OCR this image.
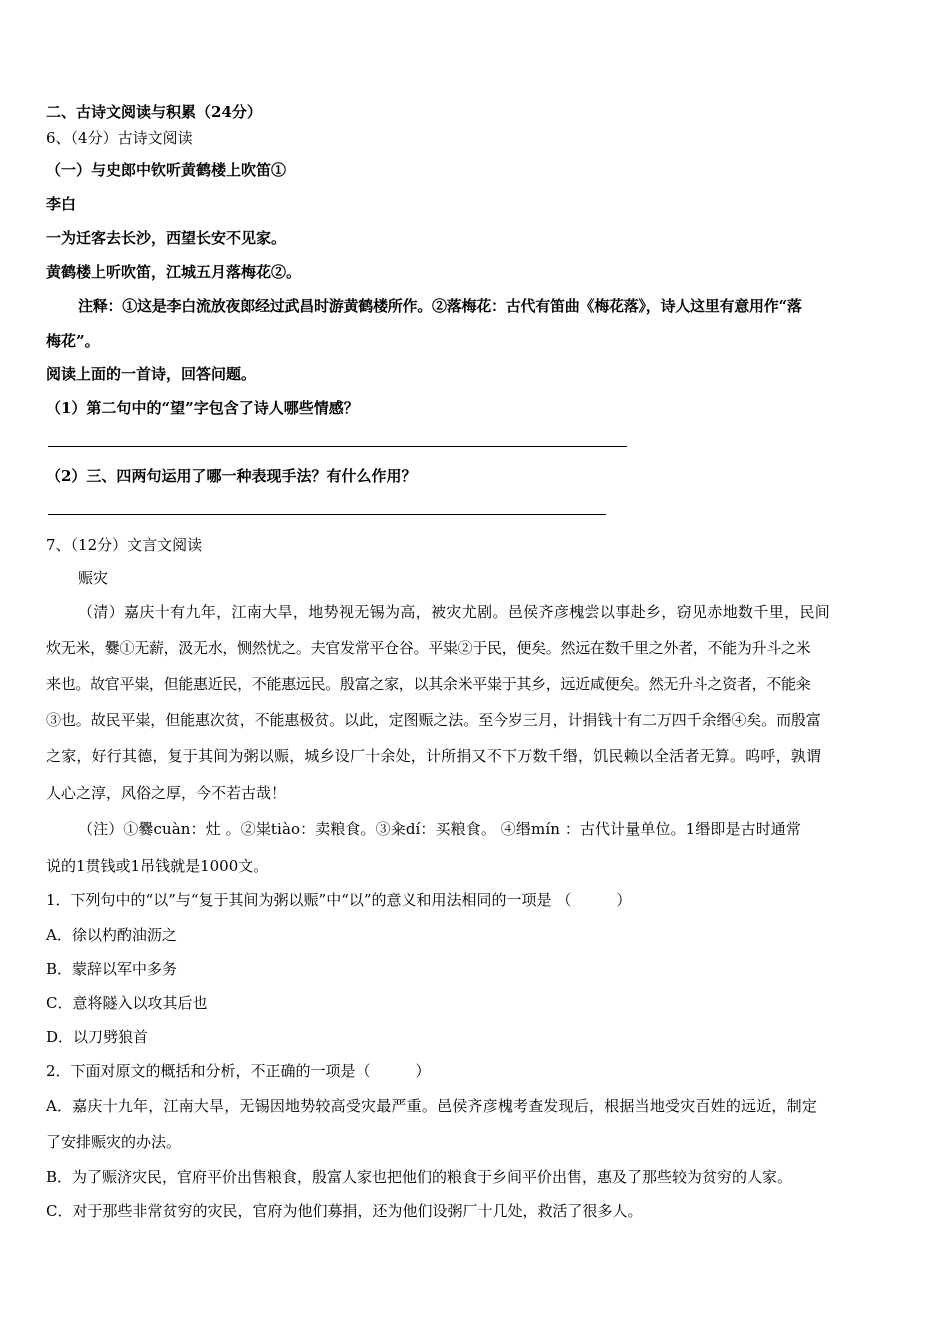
二、古诗文阅读与积累（24分）
6、（4分）古诗文阅读
（一）与史郎中钦听黄鹤楼上吹笛①
李白
一为迁客去长沙，西望长安不见家。
黄鹤楼上听吹笛，江城五月落梅花②。
注释：①这是李白流放夜郎经过武昌时游黄鹤楼所作。②落梅花：古代有笛曲《梅花落》，诗人这里有意用作“落
梅花”。
阅读上面的一首诗，回答问题。
（1）第二句中的“望”字包含了诗人哪些情感？
（2）三、四两句运用了哪一种表现手法？有什么作用？
7、（12分）文言文阅读
赈灾
（清）嘉庆十有九年，江南大旱，地势视无锡为高，被灾尤剧。邑侯齐彦槐尝以事赴乡，窃见赤地数千里，民间
炊无米，爨①无薪，汲无水，恻然忧之。夫官发常平仓谷。平粜②于民，便矣。然远在数千里之外者，不能为升斗之米
来也。故官平粜，但能惠近民，不能惠远民。殷富之家，以其余米平粜于其乡，远近咸便矣。然无升斗之资者，不能籴
③也。故民平粜，但能惠次贫，不能惠极贫。以此，定图赈之法。至今岁三月，计捐钱十有二万四千余缗④矣。而殷富
之家，好行其德，复于其间为粥以赈，城乡设厂十余处，计所捐又不下万数千缗，饥民赖以全活者无算。呜呼，孰谓
人心之淳，风俗之厚，今不若古哉！
（注）①爨cuàn：灶 。②粜tiào：卖粮食。③籴dí：买粮食。 ④缗mín ：古代计量单位。1缗即是古时通常
说的1贯钱或1吊钱就是1000文。
1．下列句中的“以”与“复于其间为粥以赈”中“以”的意义和用法相同的一项是 （　　　）
A．徐以杓酌油沥之
B．蒙辞以军中多务
C．意将隧入以攻其后也
D．以刀劈狼首
2．下面对原文的概括和分析，不正确的一项是（　　　）
A．嘉庆十九年，江南大旱，无锡因地势较高受灾最严重。邑侯齐彦槐考查发现后，根据当地受灾百姓的远近，制定
了安排赈灾的办法。
B．为了赈济灾民，官府平价出售粮食，殷富人家也把他们的粮食于乡间平价出售，惠及了那些较为贫穷的人家。
C．对于那些非常贫穷的灾民，官府为他们募捐，还为他们设粥厂十几处，救活了很多人。
